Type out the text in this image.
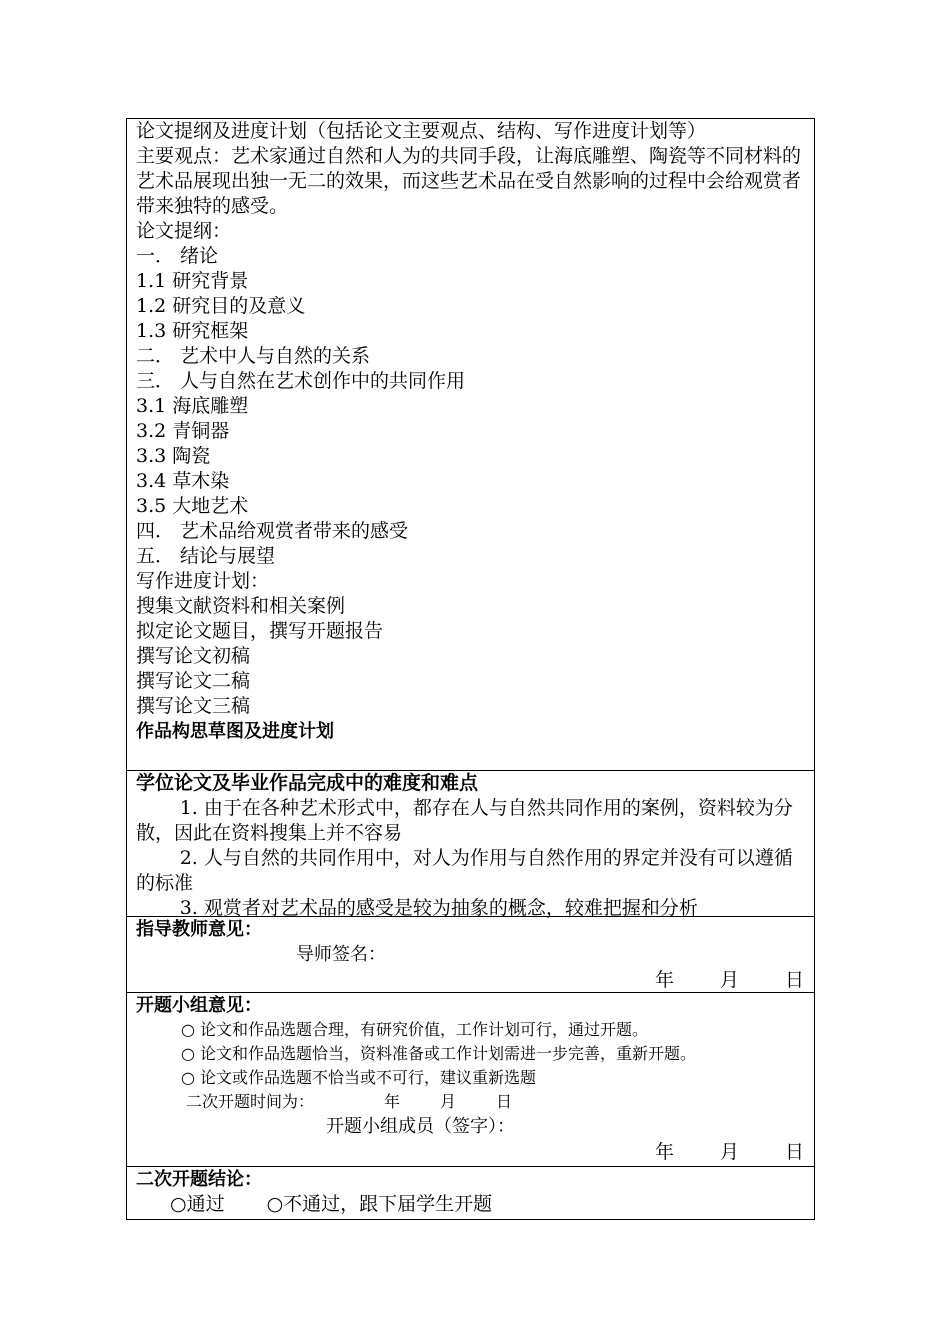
论文提纲及进度计划（包括论文主要观点、结构、写作进度计划等）
主要观点：艺术家通过自然和人为的共同手段，让海底雕塑、陶瓷等不同材料的艺术品展现出独一无二的效果，而这些艺术品在受自然影响的过程中会给观赏者带来独特的感受。
论文提纲：
一． 绪论
1.1 研究背景
1.2 研究目的及意义
1.3 研究框架
二． 艺术中人与自然的关系
三． 人与自然在艺术创作中的共同作用
3.1 海底雕塑
3.2 青铜器
3.3 陶瓷
3.4 草木染
3.5 大地艺术
四． 艺术品给观赏者带来的感受
五． 结论与展望
写作进度计划：
搜集文献资料和相关案例
拟定论文题目，撰写开题报告
撰写论文初稿
撰写论文二稿
撰写论文三稿
作品构思草图及进度计划
学位论文及毕业作品完成中的难度和难点
1. 由于在各种艺术形式中，都存在人与自然共同作用的案例，资料较为分散，因此在资料搜集上并不容易
2. 人与自然的共同作用中，对人为作用与自然作用的界定并没有可以遵循的标准
3. 观赏者对艺术品的感受是较为抽象的概念，较难把握和分析
指导教师意见：
导师签名：
年 月 日
开题小组意见：
○ 论文和作品选题合理，有研究价值，工作计划可行，通过开题。
○ 论文和作品选题恰当，资料准备或工作计划需进一步完善，重新开题。
○ 论文或作品选题不恰当或不可行，建议重新选题
二次开题时间为：	年	月	日
开题小组成员（签字）：
年 月 日
二次开题结论：
○通过 ○不通过，跟下届学生开题
